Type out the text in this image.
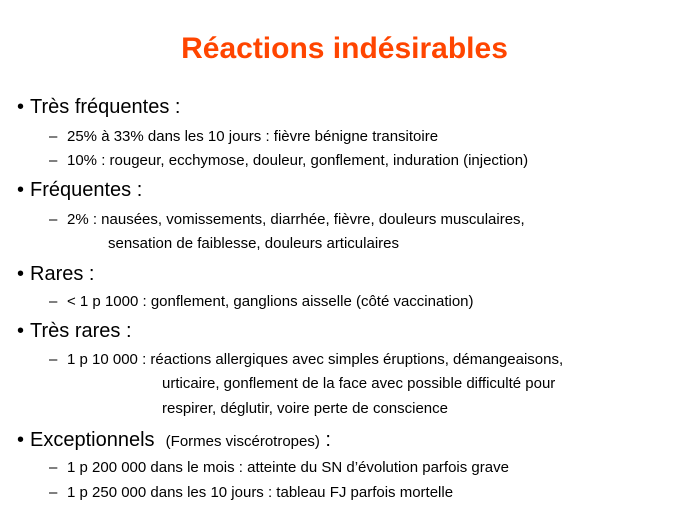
Réactions indésirables
• Très fréquentes :
– 25% à 33% dans les 10 jours : fièvre bénigne transitoire
– 10% : rougeur, ecchymose, douleur, gonflement, induration (injection)
• Fréquentes :
– 2% : nausées, vomissements, diarrhée, fièvre, douleurs musculaires,
sensation de faiblesse, douleurs articulaires
• Rares :
– < 1 p 1000 : gonflement, ganglions aisselle (côté vaccination)
• Très rares :
– 1 p 10 000 : réactions allergiques avec simples éruptions, démangeaisons,
urticaire, gonflement de la face avec possible difficulté pour
respirer, déglutir, voire perte de conscience
• Exceptionnels (Formes viscérotropes) :
– 1 p 200 000 dans le mois : atteinte du SN d’évolution parfois grave
– 1 p 250 000 dans les 10 jours : tableau FJ parfois mortelle
